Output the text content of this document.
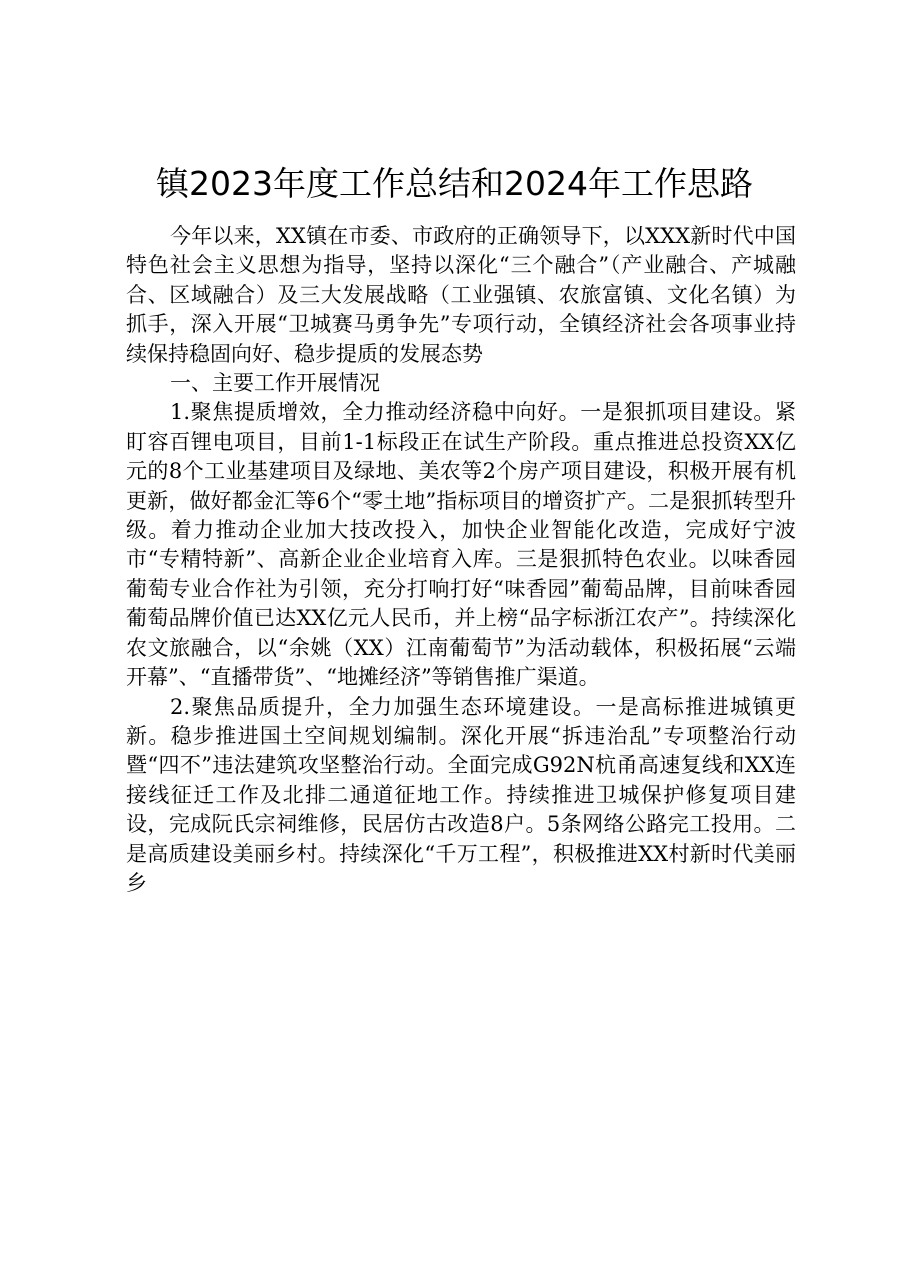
镇2023年度工作总结和2024年工作思路

今年以来，XX镇在市委、市政府的正确领导下，以XXX新时代中国特色社会主义思想为指导，坚持以深化“三个融合”（产业融合、产城融合、区域融合）及三大发展战略（工业强镇、农旅富镇、文化名镇）为抓手，深入开展“卫城赛马勇争先”专项行动，全镇经济社会各项事业持续保持稳固向好、稳步提质的发展态势

一、主要工作开展情况

1.聚焦提质增效，全力推动经济稳中向好。一是狠抓项目建设。紧盯容百锂电项目，目前1-1标段正在试生产阶段。重点推进总投资XX亿元的8个工业基建项目及绿地、美农等2个房产项目建设，积极开展有机更新，做好都金汇等6个“零土地”指标项目的增资扩产。二是狠抓转型升级。着力推动企业加大技改投入，加快企业智能化改造，完成好宁波市“专精特新”、高新企业企业培育入库。三是狠抓特色农业。以味香园葡萄专业合作社为引领，充分打响打好“味香园”葡萄品牌，目前味香园葡萄品牌价值已达XX亿元人民币，并上榜“品字标浙江农产”。持续深化农文旅融合，以“余姚（XX）江南葡萄节”为活动载体，积极拓展“云端开幕”、“直播带货”、“地摊经济”等销售推广渠道。

2.聚焦品质提升，全力加强生态环境建设。一是高标推进城镇更新。稳步推进国土空间规划编制。深化开展“拆违治乱”专项整治行动暨“四不”违法建筑攻坚整治行动。全面完成G92N杭甬高速复线和XX连接线征迁工作及北排二通道征地工作。持续推进卫城保护修复项目建设，完成阮氏宗祠维修，民居仿古改造8户。5条网络公路完工投用。二是高质建设美丽乡村。持续深化“千万工程”，积极推进XX村新时代美丽乡
